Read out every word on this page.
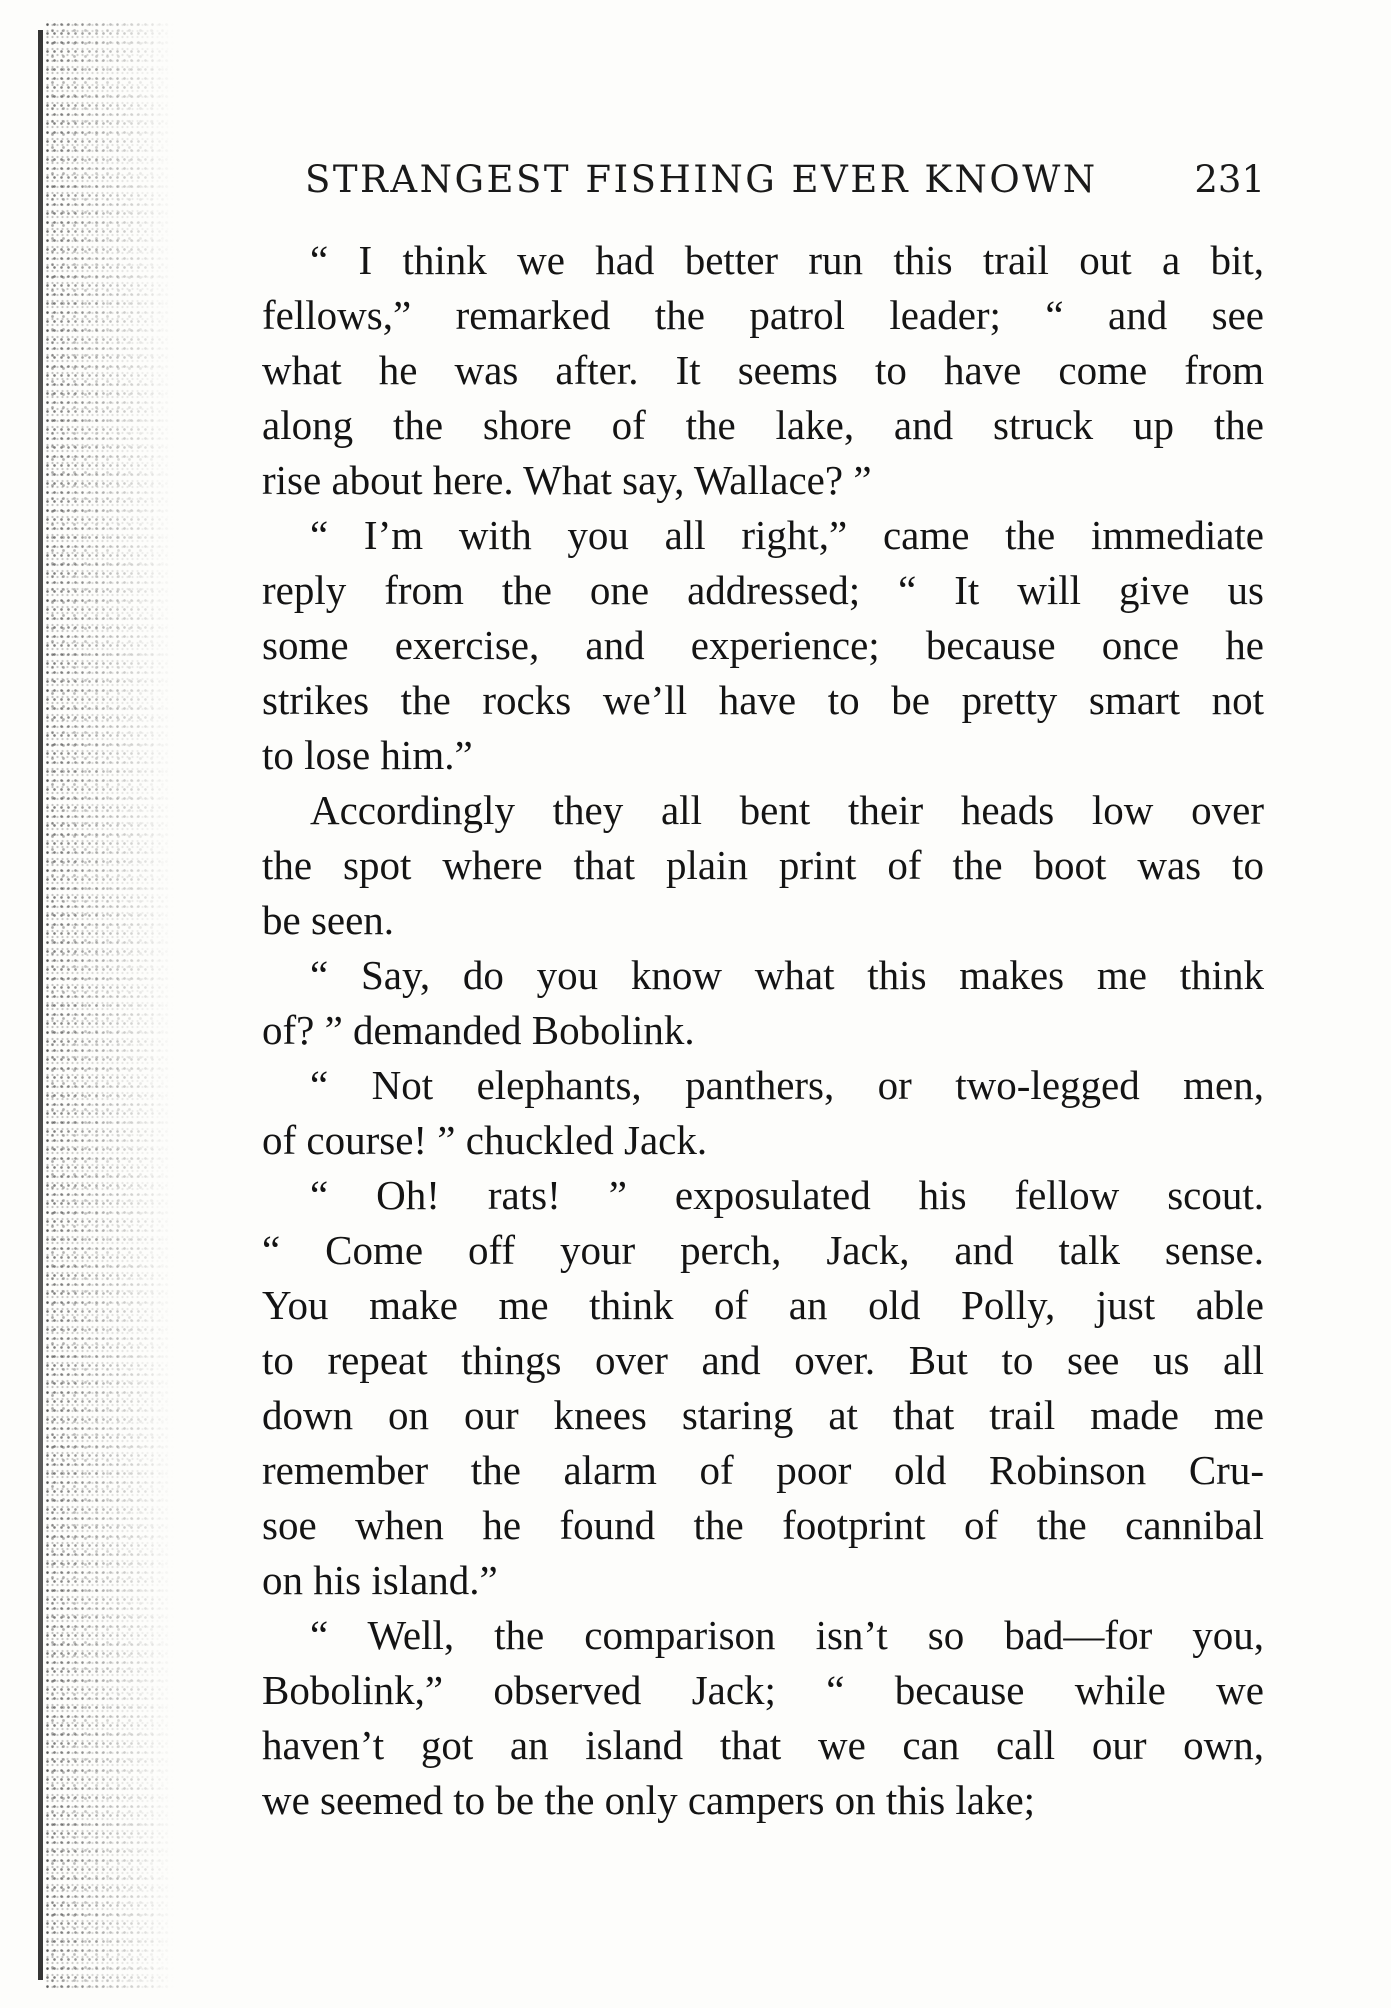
STRANGEST FISHING EVER KNOWN	231
“ I think we had better run this trail out a bit,
fellows,” remarked the patrol leader; “ and see
what he was after. It seems to have come from
along the shore of the lake, and struck up the
rise about here. What say, Wallace? ”
“ I’m with you all right,” came the immediate
reply from the one addressed; “ It will give us
some exercise, and experience; because once he
strikes the rocks we’ll have to be pretty smart not
to lose him.”
Accordingly they all bent their heads low over
the spot where that plain print of the boot was to
be seen.
“ Say, do you know what this makes me think
of? ” demanded Bobolink.
“ Not elephants, panthers, or two-legged men,
of course! ” chuckled Jack.
“ Oh! rats! ” exposulated his fellow scout.
“ Come off your perch, Jack, and talk sense.
You make me think of an old Polly, just able
to repeat things over and over. But to see us all
down on our knees staring at that trail made me
remember the alarm of poor old Robinson Cru-
soe when he found the footprint of the cannibal
on his island.”
“ Well, the comparison isn’t so bad—for you,
Bobolink,” observed Jack; “ because while we
haven’t got an island that we can call our own,
we seemed to be the only campers on this lake;
